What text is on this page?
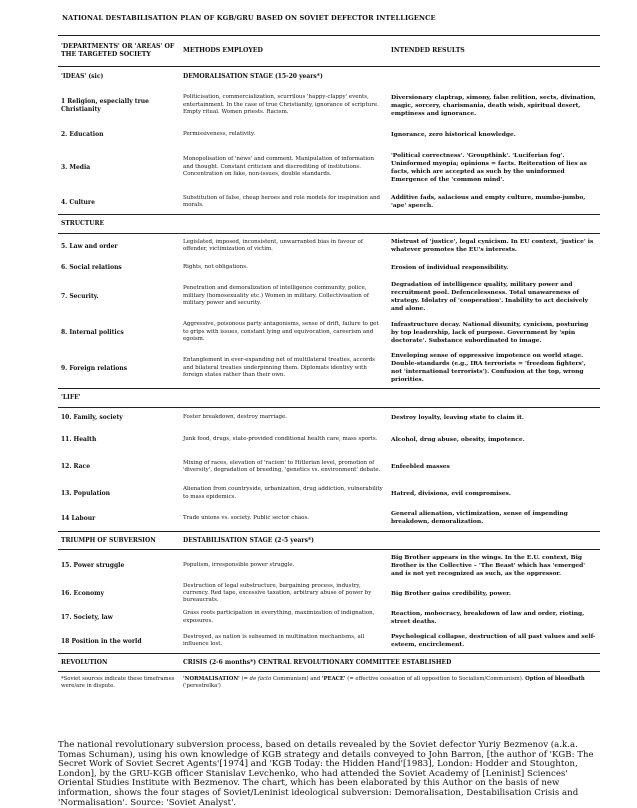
NATIONAL DESTABILISATION PLAN OF KGB/GRU BASED ON SOVIET DEFECTOR INTELLIGENCE
'DEPARTMENTS' OR 'AREAS' OF THE TARGETED SOCIETY	METHODS EMPLOYED	INTENDED RESULTS
'IDEAS' (sic)	DEMORALISATION STAGE (15-20 years*)	
1 Religion, especially true Christianity	Politicisation, commercialization, scurrilous 'happy-clappy' events, entertainment. In the case of true Christianity, ignorance of scripture. Empty ritual. Women priests. Racism.	Diversionary claptrap, simony, false relition, sects, divination, magic, sorcery, charismania, death wish, spiritual desert, emptiness and ignorance.
2. Education	Permissiveness, relativity.	Ignorance, zero historical knowledge.
3. Media	Monopolisation of 'news' and comment. Manipulation of information and thought. Constant criticism and discrediting of institutions. Concentration on fake, non-issues, double standards.	'Political correctness'. 'Groupthink'. 'Luciferian fog'. Uninformed myopia; opinions = facts. Reiteration of lies as facts, which are accepted as such by the uninformed Emergence of the 'common mind'.
4. Culture	Substitution of false, cheap heroes and role models for inspiration and morals.	Additive fads, salacious and empty culture, mumbo-jumbo, 'ape' speech.
STRUCTURE		
5. Law and order	Legislated, imposed, inconsistent, unwarranted bias in favour of offender, victimization of victim.	Mistrust of 'justice', legal cynicism. In EU context, 'justice' is whatever promotes the EU's interests.
6. Social relations	Rights, not obligations.	Erosion of individual responsibility.
7. Security.	Penetration and demoralization of intelligence community, police, military (homosexuality etc.) Women in military. Collectivisation of military power and security.	Degradation of intelligence quality, military power and recruitment pool. Defencelessness. Total unawareness of strategy. Idolatry of 'cooperation'. Inability to act decisively and alone.
8. Internal politics	Aggressive, poisonous party antagonisms, sense of drift, failure to get to grips with issues, constant lying and equivocation, careerism and egoism.	Infrastructure decay. National disunity, cynicism, posturing by top leadership, lack of purpose. Government by 'spin doctorate'. Substance subordinated to image.
9. Foreign relations	Entanglement in ever-expanding net of multilateral treaties, accords and bilateral treaties underpinning them. Diplomats identivy with foreign states rather than their own.	Enveloping sense of oppressive impotence on world stage. Double-standards (e.g., IRA terrorists = 'freedom fighters', not 'international terrorists'). Confusion at the top, wrong priorities.
'LIFE'		
10. Family, society	Foster breakdown, destroy marriage.	Destroy loyalty, leaving state to claim it.
11. Health	Junk food, drugs, state-provided conditional health care, mass sports.	Alcohol, drug abuse, obesity, impotence.
12. Race	Mixing of races, elevation of 'racism' to Hitlerian level, promotion of 'diversity', degradation of breeding, 'genetics vs. environment' debate.	Enfeebled masses
13. Population	Alienation from countryside, urbanization, drug addiction, vulnerability to mass epidemics.	Hatred, divisions, evil compromises.
14 Labour	Trade unions vs. society. Public sector chaos.	General alienation, victimization, sense of impending breakdown, demoralization.
TRIUMPH OF SUBVERSION	DESTABILISATION STAGE (2-5 years*)	
15. Power struggle	Populism, irresponsible power struggle.	Big Brother appears in the wings. In the E.U. context, Big Brother is the Collective – 'The Beast' which has 'emerged' and is not yet recognized as such, as the oppressor.
16. Economy	Destruction of legal substructure, bargaining process, industry, currency. Red tape, excessive taxation, arbitrary abuse of power by bureaucrats.	Big Brother gains credibility, power.
17. Society, law	Grass roots participation in everything, maximization of indignation, exposures.	Reaction, mobocracy, breakdown of law and order, rioting, street deaths.
18 Position in the world	Destroyed, as nation is subsumed in multination mechanisms, all influence lost.	Psychological collapse, destruction of all past values and self-esteem, encirclement.
REVOLUTION	CRISIS (2-6 months*) CENTRAL REVOLUTIONARY COMMITTEE ESTABLISHED	
*Soviet sources indicate these timeframes were/are in dispute.	'NORMALISATION' (= de facto Communism) and 'PEACE' (= effective cessation of all opposition to Socialism/Communism). Option of bloodbath ('perestrelka')	
The national revolutionary subversion process, based on details revealed by the Soviet defector Yuriy Bezmenov (a.k.a. Tomas Schuman), using his own knowledge of KGB strategy and details conveyed to John Barron, [the author of 'KGB: The Secret Work of Soviet Secret Agents'[1974] and 'KGB Today: the Hidden Hand'[1983], London: Hodder and Stoughton, London], by the GRU-KGB officer Stanislav Levchenko, who had attended the Soviet Academy of [Leninist] Sciences' Oriental Studies Institute with Bezmenov. The chart, which has been elaborated by this Author on the basis of new information, shows the four stages of Soviet/Leninist ideological subversion: Demoralisation, Destabilisation Crisis and 'Normalisation'. Source: 'Soviet Analyst'.
